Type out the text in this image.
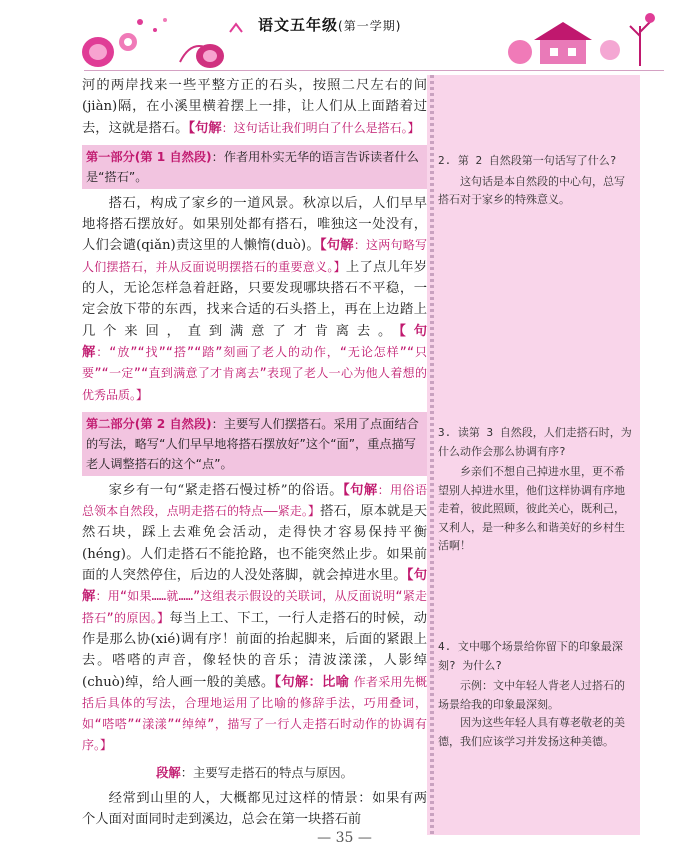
语文五年级(第一学期)

河的两岸找来一些平整方正的石头，按照二尺左右的间(jiàn)隔，在小溪里横着摆上一排，让人们从上面踏着过去，这就是搭石。【句解：这句话让我们明白了什么是搭石。】

第一部分(第 1 自然段)：作者用朴实无华的语言告诉读者什么是“搭石”。

搭石，构成了家乡的一道风景。秋凉以后，人们早早地将搭石摆放好。如果别处都有搭石，唯独这一处没有，人们会谴(qiǎn)责这里的人懒惰(duò)。【句解：这两句略写人们摆搭石，并从反面说明摆搭石的重要意义。】上了点儿年岁的人，无论怎样急着赶路，只要发现哪块搭石不平稳，一定会放下带的东西，找来合适的石头搭上，再在上边踏上几个来回，直到满意了才肯离去。【句解：“放”“找”“搭”“踏”刻画了老人的动作，“无论怎样”“只要”“一定”“直到满意了才肯离去”表现了老人一心为他人着想的优秀品质。】

第二部分(第 2 自然段)：主要写人们摆搭石。采用了点面结合的写法，略写“人们早早地将搭石摆放好”这个“面”，重点描写老人调整搭石的这个“点”。

家乡有一句“紧走搭石慢过桥”的俗语。【句解：用俗语总领本自然段，点明走搭石的特点——紧走。】搭石，原本就是天然石块，踩上去难免会活动，走得快才容易保持平衡(héng)。人们走搭石不能抢路，也不能突然止步。如果前面的人突然停住，后边的人没处落脚，就会掉进水里。【句解：用“如果……就……”这组表示假设的关联词，从反面说明“紧走搭石”的原因。】每当上工、下工，一行人走搭石的时候，动作是那么协(xié)调有序！前面的抬起脚来，后面的紧跟上去。嗒嗒的声音，像轻快的音乐；清波漾漾，人影绰(chuò)绰，给人画一般的美感。【句解：比喻 作者采用先概括后具体的写法，合理地运用了比喻的修辞手法，巧用叠词，如“嗒嗒”“漾漾”“绰绰”，描写了一行人走搭石时动作的协调有序。】

段解：主要写走搭石的特点与原因。

经常到山里的人，大概都见过这样的情景：如果有两个人面对面同时走到溪边，总会在第一块搭石前

2. 第 2 自然段第一句话写了什么?

这句话是本自然段的中心句，总写搭石对于家乡的特殊意义。

3. 读第 3 自然段，人们走搭石时，为什么动作会那么协调有序?

乡亲们不想自己掉进水里，更不希望别人掉进水里，他们这样协调有序地走着，彼此照顾，彼此关心，既利己，又利人，是一种多么和谐美好的乡村生活啊！

4. 文中哪个场景给你留下的印象最深刻? 为什么?

示例：文中年轻人背老人过搭石的场景给我的印象最深刻。

因为这些年轻人具有尊老敬老的美德，我们应该学习并发扬这种美德。

— 35 —
